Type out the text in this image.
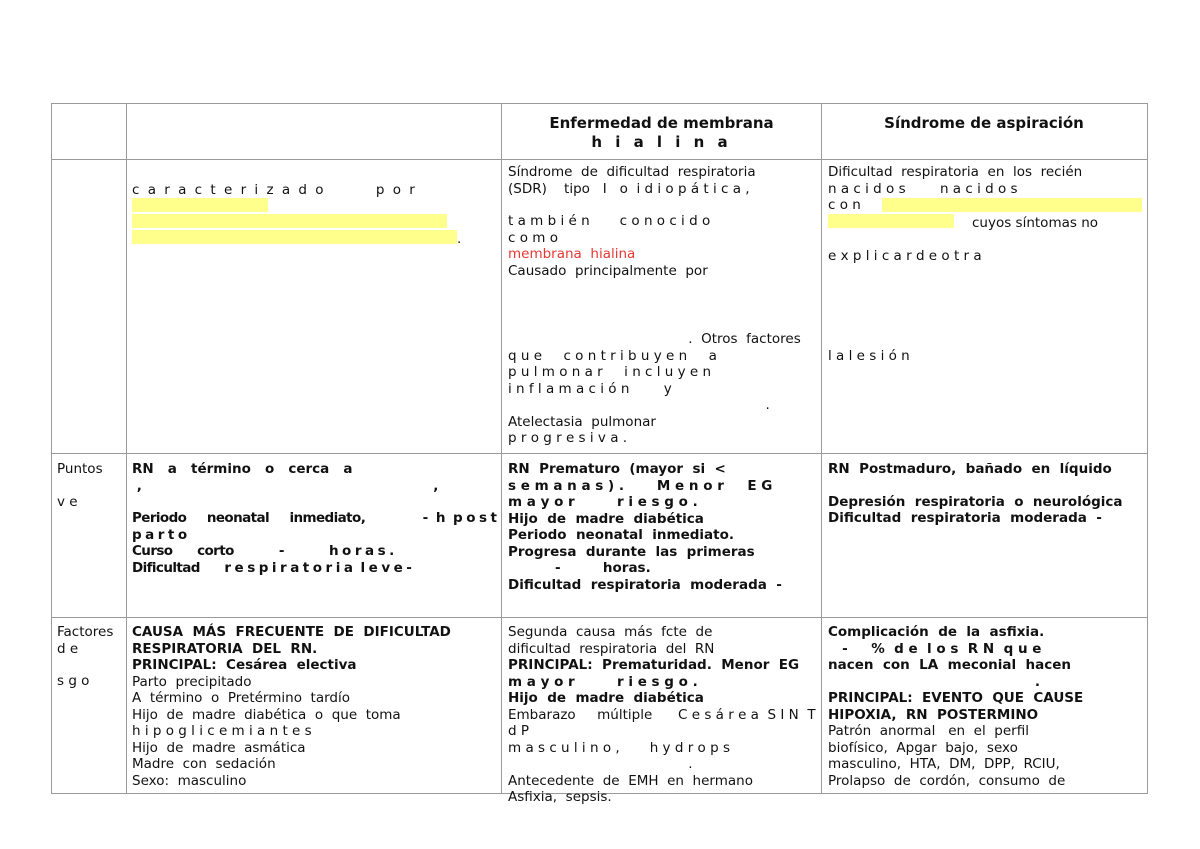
Enfermedad de membrana
h i a l i n a
Síndrome de aspiración
c a r a c t e r i z a d o        p o r
.
Síndrome  de  dificultad  respiratoria
(SDR)    tipo   I   o  i d i o p á t i c a ,
t a m b i é n       c o n o c i d o
c o m o
membrana  hialina
Causado  principalmente  por
.  Otros  factores
q u e     c o n t r i b u y e n     a
p u l m o n a r     i n c l u y e n
i n f l a m a c i ó n        y
.
Atelectasia  pulmonar
p r o g r e s i v a .
Dificultad  respiratoria  en  los  recién
n a c i d o s        n a c i d o s
c o n
cuyos síntomas no
e x p l i c a r d e o t r a
l a l e s i ó n
Puntos
v e
RN   a   término   o   cerca   a
,                                                              ,
Periodo     neonatal     inmediato,              -  h  p o s t p a r t o
Curso      corto           -           h o r a s .
Dificultad      r e s p i r a t o r i a  l e v e -
RN  Prematuro  (mayor  si  <
s e m a n a s ) .       M e n o r     E G
m a y o r         r i e s g o .
Hijo  de  madre  diabética
Periodo  neonatal  inmediato.
Progresa  durante  las  primeras
-         horas.
Dificultad  respiratoria  moderada  -
RN  Postmaduro,  bañado  en  líquido
Depresión  respiratoria  o  neurológica
Dificultad  respiratoria  moderada  -
Factores
d e
s g o
CAUSA  MÁS  FRECUENTE  DE  DIFICULTAD
RESPIRATORIA  DEL  RN.
PRINCIPAL:  Cesárea  electiva
Parto  precipitado
A  término  o  Pretérmino  tardío
Hijo  de  madre  diabética  o  que  toma
h i p o g l i c e m i a n t e s
Hijo  de  madre  asmática
Madre  con  sedación
Sexo:  masculino
Segunda  causa  más  fcte  de
dificultad  respiratoria  del  RN
PRINCIPAL:  Prematuridad.  Menor  EG
m a y o r         r i e s g o .
Hijo  de  madre  diabética
Embarazo     múltiple      C e s á r e a  S I N  T d P
m a s c u l i n o ,       h y d r o p s
.
Antecedente  de  EMH  en  hermano
Asfixia,  sepsis.
Complicación  de  la  asfixia.
-     %  d e  l o s  R N  q u e
nacen  con  LA  meconial  hacen
.
PRINCIPAL:  EVENTO  QUE  CAUSE
HIPOXIA,  RN  POSTERMINO
Patrón  anormal   en  el  perfil
biofísico,  Apgar  bajo,  sexo
masculino,  HTA,  DM,  DPP,  RCIU,
Prolapso  de  cordón,  consumo  de
